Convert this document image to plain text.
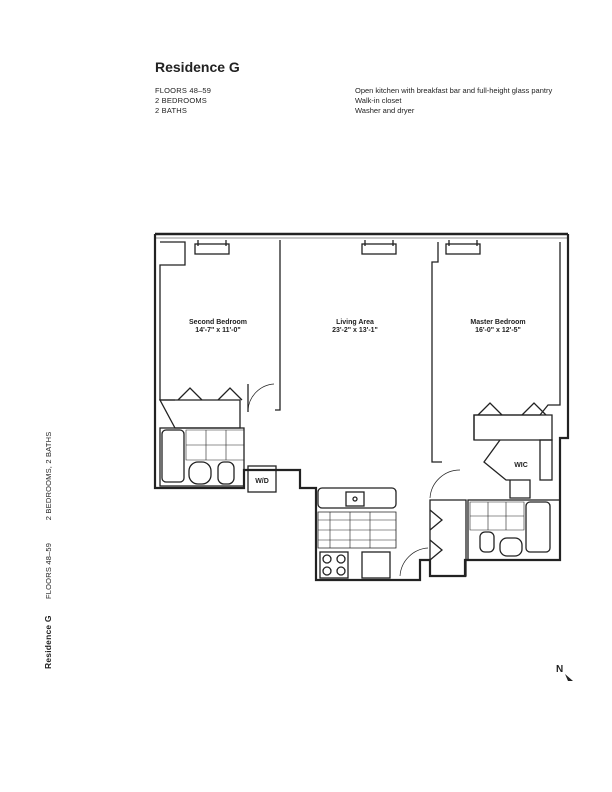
Residence G
FLOORS 48–59
2 BEDROOMS
2 BATHS
Open kitchen with breakfast bar and full-height glass pantry
Walk-in closet
Washer and dryer
Residence G FLOORS 48–59  2 BEDROOMS, 2 BATHS
Second Bedroom
14'-7" x 11'-0"
Living Area
23'-2" x 13'-1"
Master Bedroom
16'-0" x 12'-5"
W/D
WIC
N
